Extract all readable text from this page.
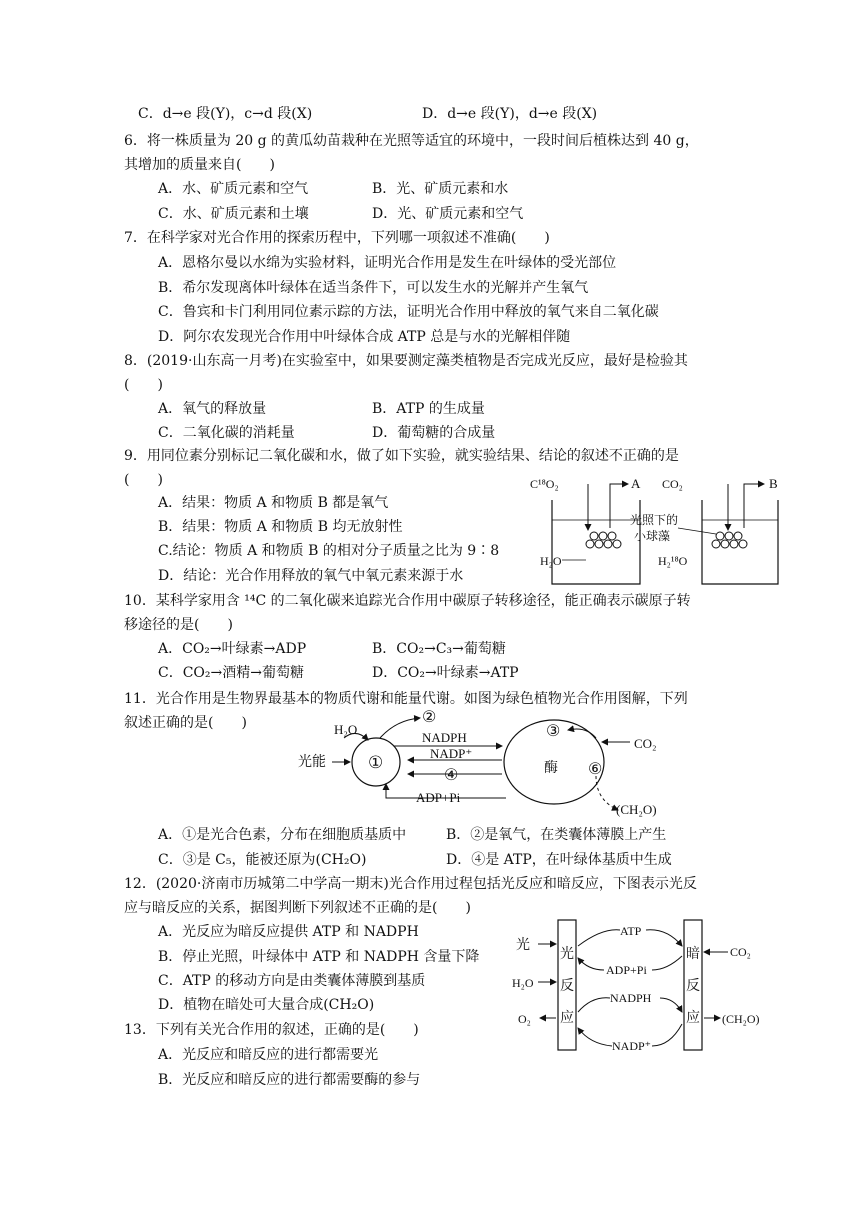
C．d→e 段(Y)，c→d 段(X)	D．d→e 段(Y)，d→e 段(X)
6．将一株质量为 20 g 的黄瓜幼苗栽种在光照等适宜的环境中，一段时间后植株达到 40 g，
其增加的质量来自(　　)
A．水、矿质元素和空气	B．光、矿质元素和水
C．水、矿质元素和土壤	D．光、矿质元素和空气
7．在科学家对光合作用的探索历程中，下列哪一项叙述不准确(　　)
A．恩格尔曼以水绵为实验材料，证明光合作用是发生在叶绿体的受光部位
B．希尔发现离体叶绿体在适当条件下，可以发生水的光解并产生氧气
C．鲁宾和卡门利用同位素示踪的方法，证明光合作用中释放的氧气来自二氧化碳
D．阿尔农发现光合作用中叶绿体合成 ATP 总是与水的光解相伴随
8．(2019·山东高一月考)在实验室中，如果要测定藻类植物是否完成光反应，最好是检验其
(　　)
A．氧气的释放量	B．ATP 的生成量
C．二氧化碳的消耗量	D．葡萄糖的合成量
9．用同位素分别标记二氧化碳和水，做了如下实验，就实验结果、结论的叙述不正确的是
(　　)
A．结果：物质 A 和物质 B 都是氧气
B．结果：物质 A 和物质 B 均无放射性
C.结论：物质 A 和物质 B 的相对分子质量之比为 9∶8
D．结论：光合作用释放的氧气中氧元素来源于水
C¹⁸O₂	A
H₂O
CO₂	B
H₂¹⁸O
光照下的
小球藻
10．某科学家用含 ¹⁴C 的二氧化碳来追踪光合作用中碳原子转移途径，能正确表示碳原子转
移途径的是(　　)
A．CO₂→叶绿素→ADP	B．CO₂→C₃→葡萄糖
C．CO₂→酒精→葡萄糖	D．CO₂→叶绿素→ATP
11．光合作用是生物界最基本的物质代谢和能量代谢。如图为绿色植物光合作用图解，下列
叙述正确的是(　　)	H₂O
②
NADPH
NADP⁺
③
CO₂
光能 ①
④	酶 ⑥
ADP+Pi
(CH₂O)
A．①是光合色素，分布在细胞质基质中	B．②是氧气，在类囊体薄膜上产生
C．③是 C₅，能被还原为(CH₂O)	D．④是 ATP，在叶绿体基质中生成
12．(2020·济南市历城第二中学高一期末)光合作用过程包括光反应和暗反应，下图表示光反
应与暗反应的关系，据图判断下列叙述不正确的是(　　)
A．光反应为暗反应提供 ATP 和 NADPH
B．停止光照，叶绿体中 ATP 和 NADPH 含量下降
C．ATP 的移动方向是由类囊体薄膜到基质
D．植物在暗处可大量合成(CH₂O)
光
H₂O
O₂
光
反
应
暗
反
应
ATP
ADP+Pi
NADPH
NADP⁺
CO₂
(CH₂O)
13．下列有关光合作用的叙述，正确的是(　　)
A．光反应和暗反应的进行都需要光
B．光反应和暗反应的进行都需要酶的参与
